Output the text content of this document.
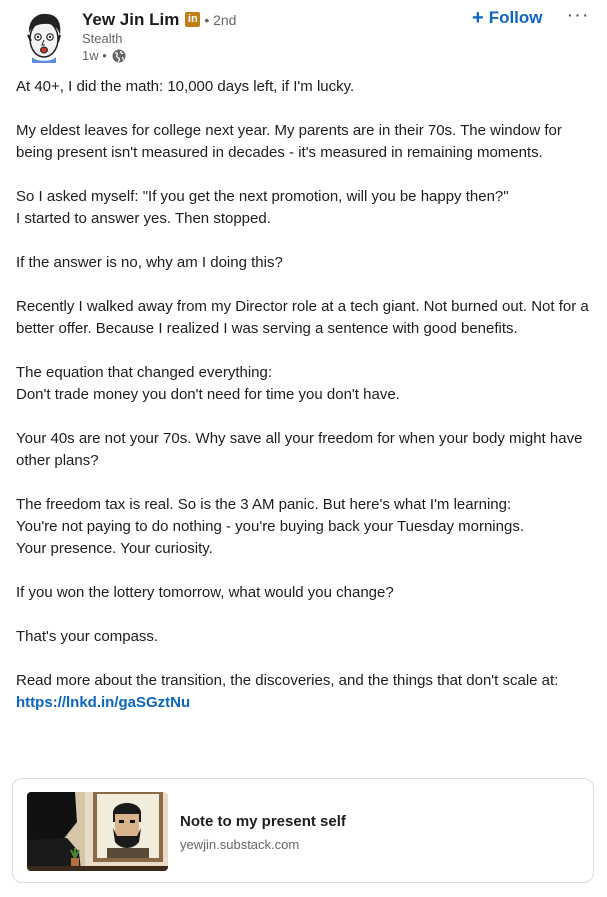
Yew Jin Lim in • 2nd
Stealth
1w •
+ Follow ···

At 40+, I did the math: 10,000 days left, if I'm lucky.

My eldest leaves for college next year. My parents are in their 70s. The window for being present isn't measured in decades - it's measured in remaining moments.

So I asked myself: "If you get the next promotion, will you be happy then?"
I started to answer yes. Then stopped.

If the answer is no, why am I doing this?

Recently I walked away from my Director role at a tech giant. Not burned out. Not for a better offer. Because I realized I was serving a sentence with good benefits.

The equation that changed everything:
Don't trade money you don't need for time you don't have.

Your 40s are not your 70s. Why save all your freedom for when your body might have other plans?

The freedom tax is real. So is the 3 AM panic. But here's what I'm learning:
You're not paying to do nothing - you're buying back your Tuesday mornings.
Your presence. Your curiosity.

If you won the lottery tomorrow, what would you change?

That's your compass.

Read more about the transition, the discoveries, and the things that don't scale at:
https://lnkd.in/gaSGztNu

Note to my present self
yewjin.substack.com
